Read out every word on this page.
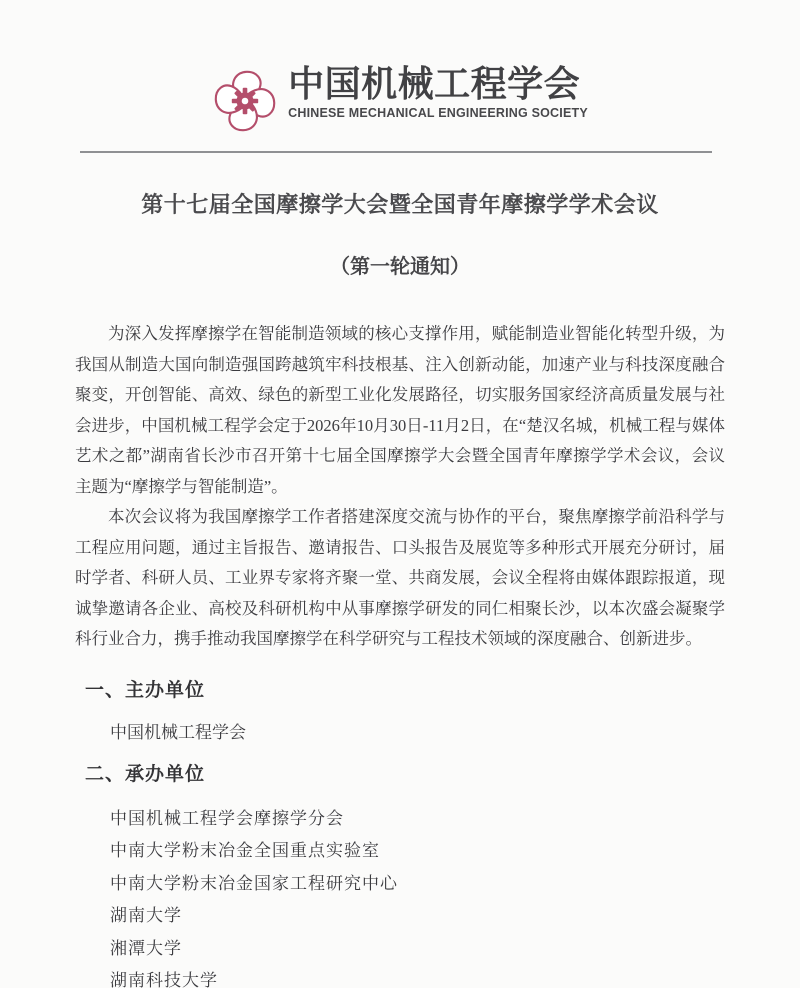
中国机械工程学会
CHINESE MECHANICAL ENGINEERING SOCIETY
第十七届全国摩擦学大会暨全国青年摩擦学学术会议
（第一轮通知）

为深入发挥摩擦学在智能制造领域的核心支撑作用，赋能制造业智能化转型升级，为我国从制造大国向制造强国跨越筑牢科技根基、注入创新动能，加速产业与科技深度融合聚变，开创智能、高效、绿色的新型工业化发展路径，切实服务国家经济高质量发展与社会进步，中国机械工程学会定于2026年10月30日-11月2日，在“楚汉名城，机械工程与媒体艺术之都”湖南省长沙市召开第十七届全国摩擦学大会暨全国青年摩擦学学术会议，会议主题为“摩擦学与智能制造”。

本次会议将为我国摩擦学工作者搭建深度交流与协作的平台，聚焦摩擦学前沿科学与工程应用问题，通过主旨报告、邀请报告、口头报告及展览等多种形式开展充分研讨，届时学者、科研人员、工业界专家将齐聚一堂、共商发展，会议全程将由媒体跟踪报道，现诚挚邀请各企业、高校及科研机构中从事摩擦学研发的同仁相聚长沙，以本次盛会凝聚学科行业合力，携手推动我国摩擦学在科学研究与工程技术领域的深度融合、创新进步。

一、主办单位
中国机械工程学会
二、承办单位
中国机械工程学会摩擦学分会
中南大学粉末冶金全国重点实验室
中南大学粉末冶金国家工程研究中心
湖南大学
湘潭大学
湖南科技大学
